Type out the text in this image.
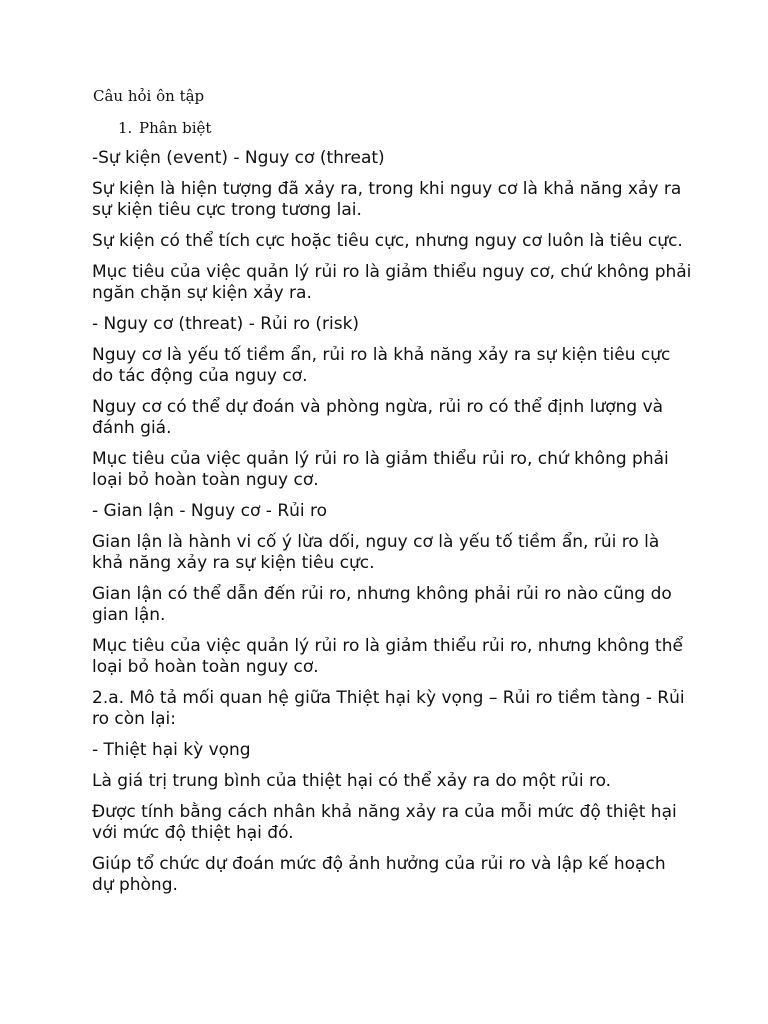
Câu hỏi ôn tập
1. Phân biệt

-Sự kiện (event) - Nguy cơ (threat)

Sự kiện là hiện tượng đã xảy ra, trong khi nguy cơ là khả năng xảy ra sự kiện tiêu cực trong tương lai.

Sự kiện có thể tích cực hoặc tiêu cực, nhưng nguy cơ luôn là tiêu cực.

Mục tiêu của việc quản lý rủi ro là giảm thiểu nguy cơ, chứ không phải ngăn chặn sự kiện xảy ra.

- Nguy cơ (threat) - Rủi ro (risk)

Nguy cơ là yếu tố tiềm ẩn, rủi ro là khả năng xảy ra sự kiện tiêu cực do tác động của nguy cơ.

Nguy cơ có thể dự đoán và phòng ngừa, rủi ro có thể định lượng và đánh giá.

Mục tiêu của việc quản lý rủi ro là giảm thiểu rủi ro, chứ không phải loại bỏ hoàn toàn nguy cơ.

- Gian lận - Nguy cơ - Rủi ro

Gian lận là hành vi cố ý lừa dối, nguy cơ là yếu tố tiềm ẩn, rủi ro là khả năng xảy ra sự kiện tiêu cực.

Gian lận có thể dẫn đến rủi ro, nhưng không phải rủi ro nào cũng do gian lận.

Mục tiêu của việc quản lý rủi ro là giảm thiểu rủi ro, nhưng không thể loại bỏ hoàn toàn nguy cơ.

2.a. Mô tả mối quan hệ giữa Thiệt hại kỳ vọng – Rủi ro tiềm tàng - Rủi ro còn lại:

- Thiệt hại kỳ vọng

Là giá trị trung bình của thiệt hại có thể xảy ra do một rủi ro.

Được tính bằng cách nhân khả năng xảy ra của mỗi mức độ thiệt hại với mức độ thiệt hại đó.

Giúp tổ chức dự đoán mức độ ảnh hưởng của rủi ro và lập kế hoạch dự phòng.
